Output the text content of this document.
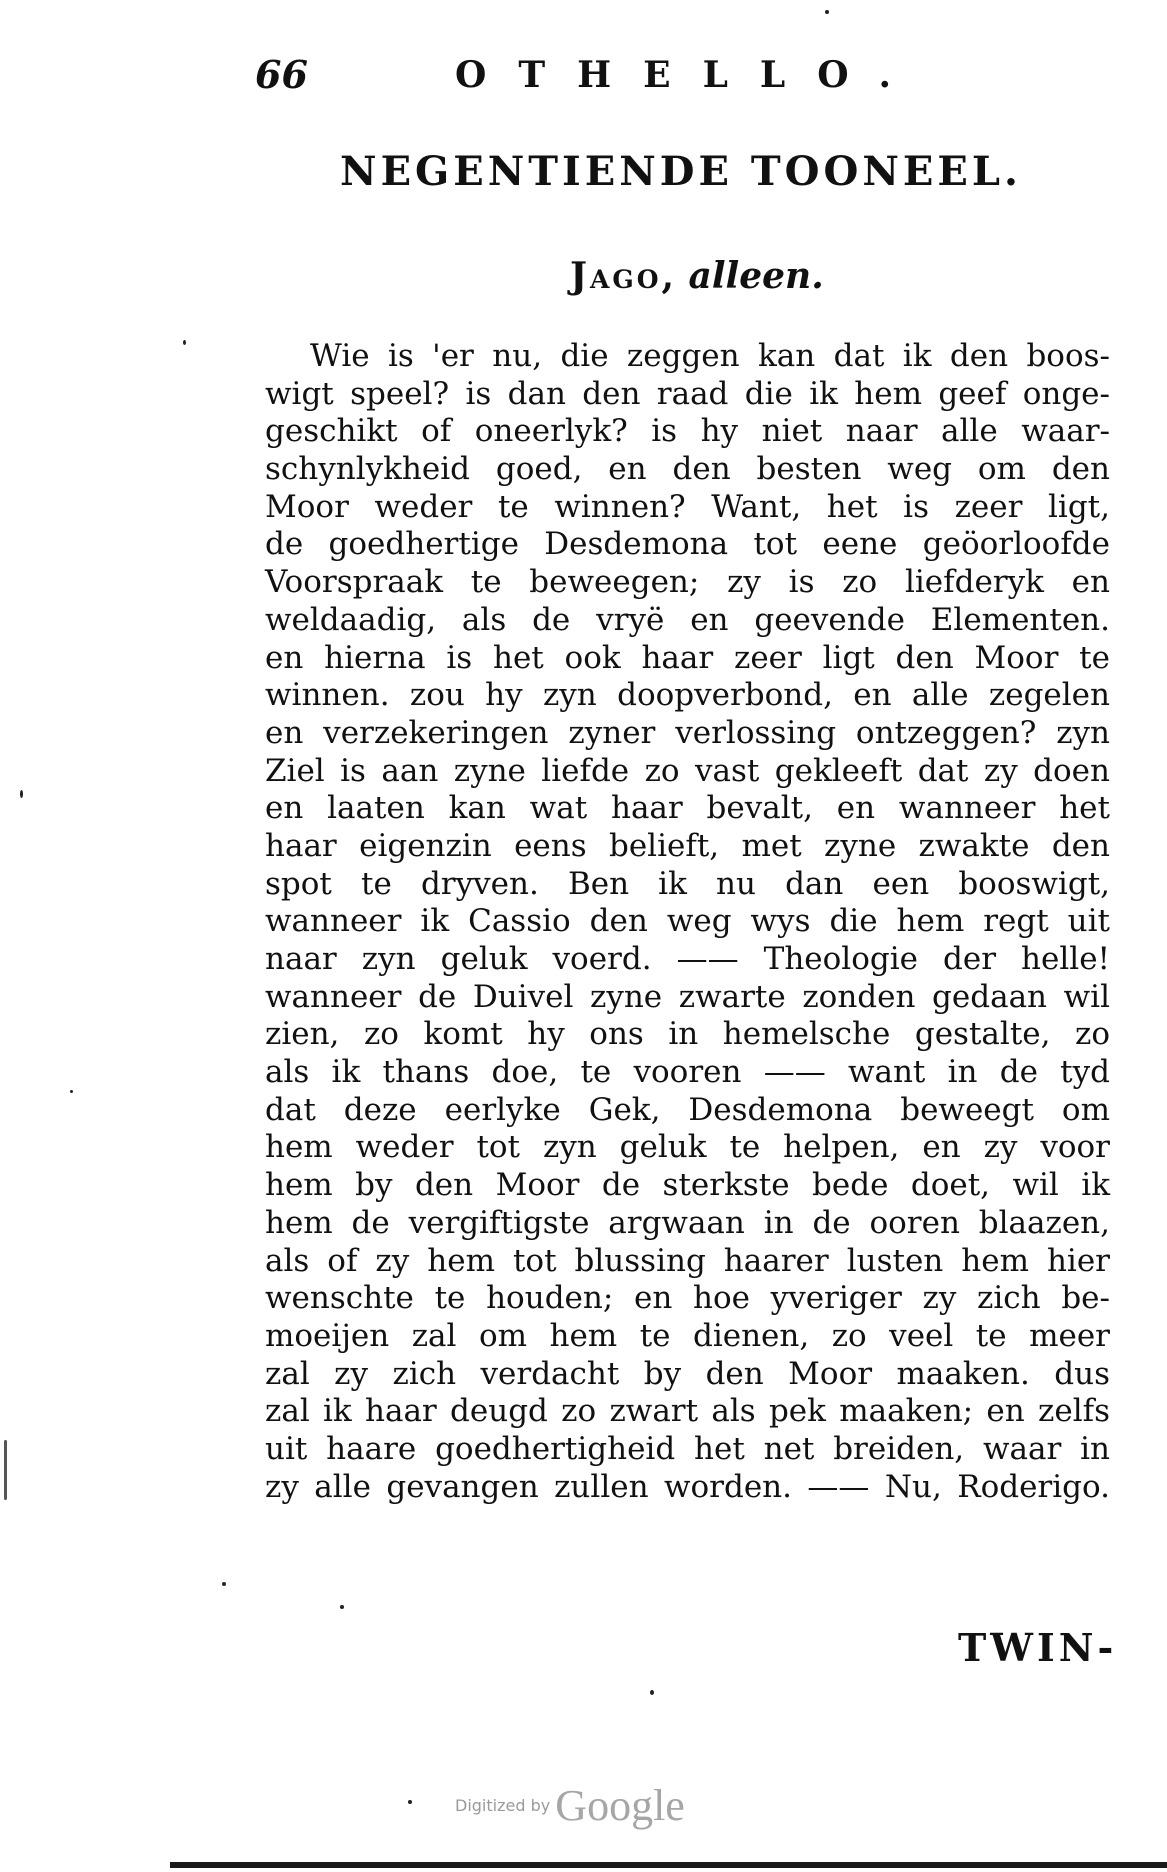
66	OTHELLO.
NEGENTIENDE TOONEEL.
Jago, alleen.
Wie is 'er nu, die zeggen kan dat ik den boos-
wigt speel? is dan den raad die ik hem geef onge-
geschikt of oneerlyk? is hy niet naar alle waar-
schynlykheid goed, en den besten weg om den
Moor weder te winnen? Want, het is zeer ligt,
de goedhertige Desdemona tot eene geöorloofde
Voorspraak te beweegen; zy is zo liefderyk en
weldaadig, als de vryë en geevende Elementen.
en hierna is het ook haar zeer ligt den Moor te
winnen. zou hy zyn doopverbond, en alle zegelen
en verzekeringen zyner verlossing ontzeggen? zyn
Ziel is aan zyne liefde zo vast gekleeft dat zy doen
en laaten kan wat haar bevalt, en wanneer het
haar eigenzin eens belieft, met zyne zwakte den
spot te dryven. Ben ik nu dan een booswigt,
wanneer ik Cassio den weg wys die hem regt uit
naar zyn geluk voerd. —— Theologie der helle!
wanneer de Duivel zyne zwarte zonden gedaan wil
zien, zo komt hy ons in hemelsche gestalte, zo
als ik thans doe, te vooren —— want in de tyd
dat deze eerlyke Gek, Desdemona beweegt om
hem weder tot zyn geluk te helpen, en zy voor
hem by den Moor de sterkste bede doet, wil ik
hem de vergiftigste argwaan in de ooren blaazen,
als of zy hem tot blussing haarer lusten hem hier
wenschte te houden; en hoe yveriger zy zich be-
moeijen zal om hem te dienen, zo veel te meer
zal zy zich verdacht by den Moor maaken. dus
zal ik haar deugd zo zwart als pek maaken; en zelfs
uit haare goedhertigheid het net breiden, waar in
zy alle gevangen zullen worden. —— Nu, Roderigo.
TWIN-
Digitized by Google
